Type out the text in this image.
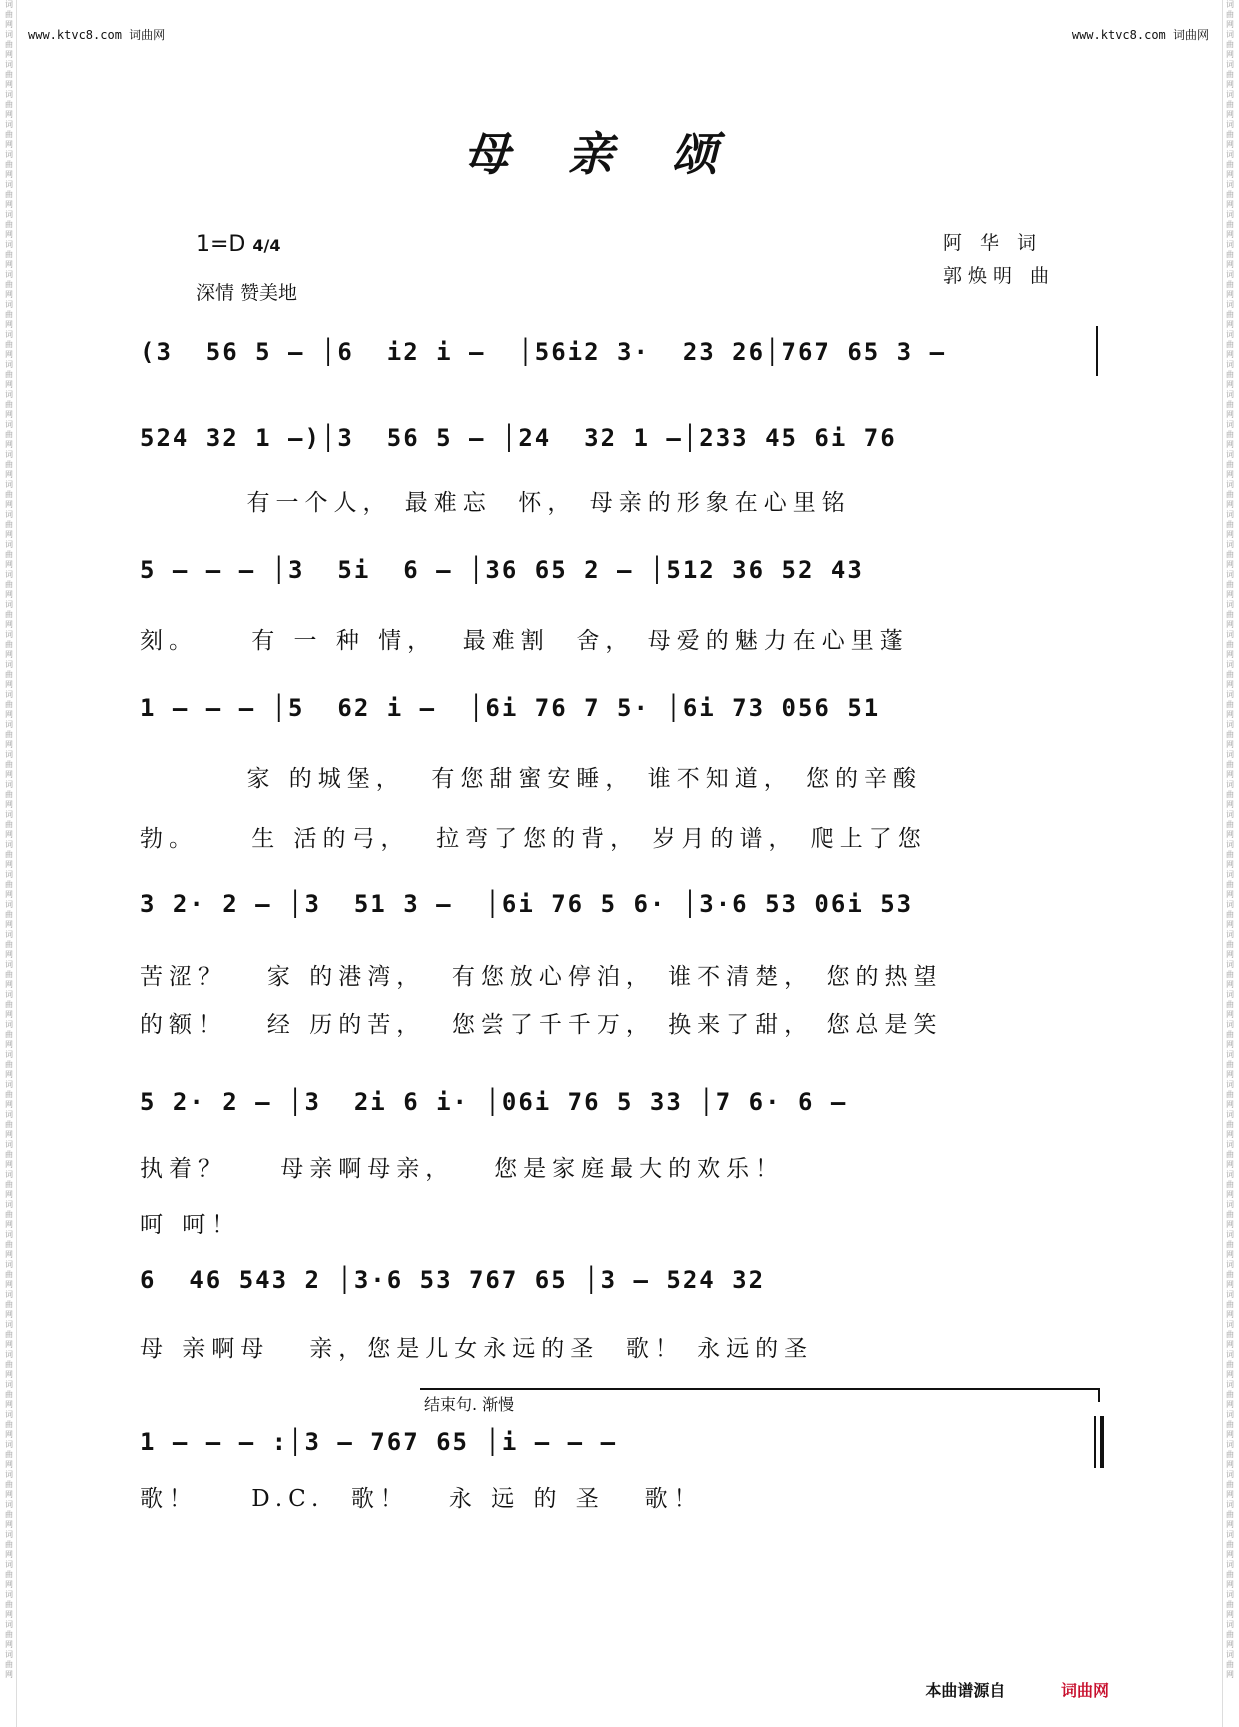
词曲网词曲网词曲网词曲网词曲网词曲网词曲网词曲网词曲网词曲网词曲网词曲网词曲网词曲网词曲网词曲网词曲网词曲网词曲网词曲网词曲网词曲网词曲网词曲网词曲网词曲网词曲网词曲网词曲网词曲网词曲网词曲网词曲网词曲网词曲网词曲网词曲网词曲网词曲网词曲网词曲网词曲网词曲网词曲网词曲网词曲网词曲网词曲网词曲网词曲网词曲网词曲网词曲网词曲网词曲网词曲网
词曲网词曲网词曲网词曲网词曲网词曲网词曲网词曲网词曲网词曲网词曲网词曲网词曲网词曲网词曲网词曲网词曲网词曲网词曲网词曲网词曲网词曲网词曲网词曲网词曲网词曲网词曲网词曲网词曲网词曲网词曲网词曲网词曲网词曲网词曲网词曲网词曲网词曲网词曲网词曲网词曲网词曲网词曲网词曲网词曲网词曲网词曲网词曲网词曲网词曲网词曲网词曲网词曲网词曲网词曲网词曲网
www.ktvc8.com 词曲网	www.ktvc8.com 词曲网
母亲颂
1=D 4/4
深情 赞美地
阿 华 词
郭焕明 曲
(3  56 5 – │6  i2 i –  │56i2 3·  23 26│767 65 3 –
524 32 1 –)│3  56 5 – │24  32 1 –│233 45 6i 76
有一个人， 最难忘  怀， 母亲的形象在心里铭
5 – – – │3  5i  6 – │36 65 2 – │512 36 52 43
刻。    有 一 种 情，  最难割  舍， 母爱的魅力在心里蓬
1 – – – │5  62 i –  │6i 76 7 5· │6i 73 056 51
家 的城堡，  有您甜蜜安睡， 谁不知道， 您的辛酸
勃。    生 活的弓，  拉弯了您的背， 岁月的谱， 爬上了您
3 2· 2 – │3  51 3 –  │6i 76 5 6· │3·6 53 06i 53
苦涩？   家 的港湾，  有您放心停泊， 谁不清楚， 您的热望
的额！   经 历的苦，  您尝了千千万， 换来了甜， 您总是笑
5 2· 2 – │3  2i 6 i· │06i 76 5 33 │7 6· 6 –
执着？    母亲啊母亲，   您是家庭最大的欢乐！
呵 呵！
6  46 543 2 │3·6 53 767 65 │3 – 524 32
母 亲啊母   亲，您是儿女永远的圣  歌！ 永远的圣
结束句. 渐慢
1 – – – :│3 – 767 65 │i – – –
歌！    D.C.  歌！   永 远 的 圣   歌！
本曲谱源自	词曲网
